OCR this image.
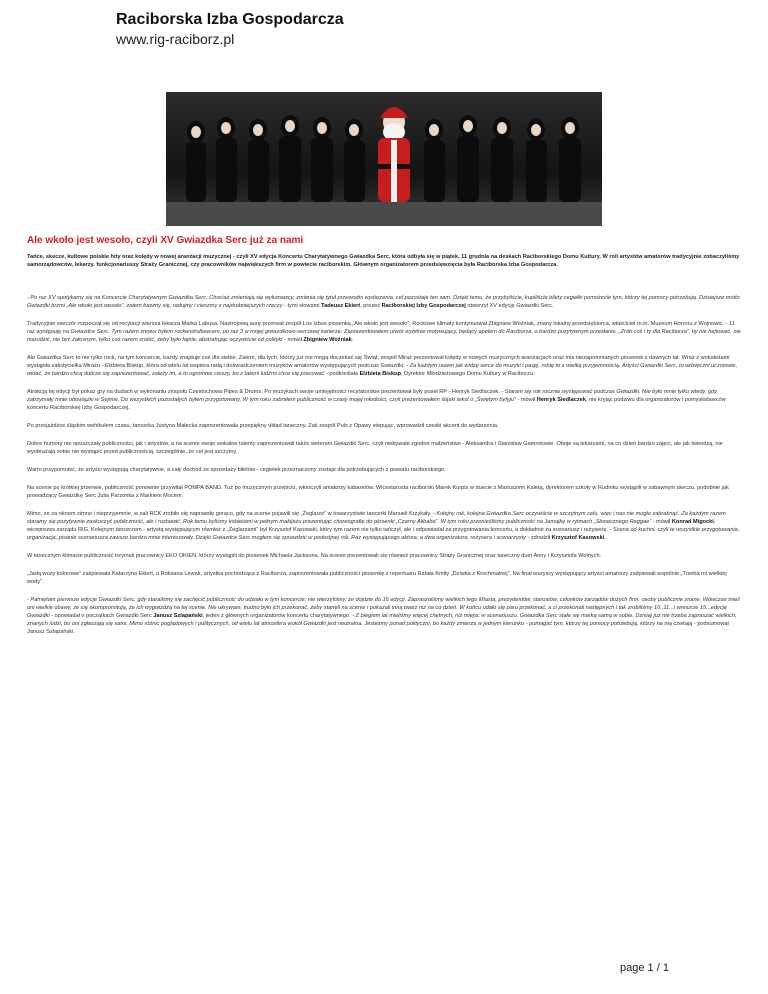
Raciborska Izba Gospodarcza
www.rig-raciborz.pl
Ale wkoło jest wesoło, czyli XV Gwiazdka Serc już za nami
Tańce, skecze, kultowe polskie hity oraz kolędy w nowej aranżacji muzycznej - czyli XV edycja Koncertu Charytatywnego Gwiazdka Serc, która odbyła się w piątek, 11 grudnia na deskach Raciborskiego Domu Kultury. W roli artystów amatorów tradycyjnie zobaczyliśmy samorządowców, lekarzy, funkcjonariuszy Straży Granicznej, czy pracowników największych firm w powiecie raciborskim. Głównym organizatorem przedsięwzięcia była Raciborska Izba Gospodarcza.

- Po raz XV spotykamy się na Koncercie Charytatywnym Gwiazdka Serc. Chociaż zmieniają się wykonawcy, zmienia się tytuł przewodni wydarzenia, cel pozostaje ten sam. Dzięki temu, że przybyliście, kupiliście bilety cegiełki pomożecie tym, którzy tej pomocy potrzebują. Dzisiejsze motto Gwiazdki brzmi „Ale wkoło jest wesoło”, zatem bawmy się, radujmy i cieszmy z najdrobniejszych rzeczy - tymi słowami Tadeusz Ekiert, prezes Raciborskiej Izby Gospodarczej otworzył XV edycję Gwiazdki Serc.

Tradycyjnie wieczór rozpoczął się od recytacji wiersza lekarza Marka Labusa. Nastrojową aurę przerwał zespół Los Izbos piosenką „Ale wkoło jest wesoło”. Rockowe klimaty kontynuował Zbigniew Woźniak, znany lokalny przedsiębiorca, właściciel m.in. Muzeum Horroru z Wojnowic. - 11 raz występuję na Gwiazdce Serc. Tym razem znowu byłem rockendrollowcem, po raz 3 w mojej gwiazdkowo-sercowej karierze. Zaprezentowałem utwór wybitnie motywujący, będący apelem do Raciborza, o bardzo pozytywnym przesłaniu. „Zrób coś i ty dla Raciborza”, by nie hejtować, nie marudzić, nie być żałosnym, tylko coś razem zrobić, żeby było fajnie, abstrahując oczywiście od polityki - mówił Zbigniew Woźniak.

Ale Gwiazdka Serc to nie tylko rock, na tym koncercie, każdy znajduje coś dla siebie. Zatem, dla tych, którzy już nie mogą doczekać się Świąt, zespół Miraż prezentował kolędy w nowych muzycznych aranżacjach oraz mix niezapomnianych piosenek z dawnych lat. Wraz z wokalistami wystąpiła założycielka Mirażu - Elżbieta Biskup, która od wielu lat wspiera radą i doświadczeniem muzyków amatorów występujących podczas Gwiazdki. - Za każdym razem jak widzę serce do muzyki i pasję, robię to z wielką przyjemnością. Artyści Gwiazdki Serc, to wdzięczni uczniowie, widać, że bardzo chcą dobrze się zaprezentować, zależy im, a to ogromnie cieszy, bo z takimi ludźmi chce się pracować - podkreślała Elżbieta Biskup, Dyrektor Młodzieżowego Domu Kultury w Raciborzu.

Atrakcją tej edycji był pokaz gry na dudach w wykonaniu zespołu Częstochowa Pipes & Drums. Po muzykach swoje umiejętności recytatorskie prezentował były poseł RP - Henryk Siedlaczek. - Staram się rok rocznie występować podczas Gwiazdki. Nie było mnie tylko wtedy, gdy zatrzymały mnie obowiązki w Sejmie. Do wszystkich pozostałych byłem przygotowany. W tym roku zabrałem publiczność w czasy mojej młodości, czyli prezentowałem śląski tekst o „Świętym byfyju” - mówił Henryk Siedlaczek, nie kryjąc podziwu dla organizatorów i pomysłodawców koncertu Raciborskiej Izby Gospodarczej.

Po przejażdżce śląskim wehikułem czasu, tancerka Justyna Małecka zaprezentowała przepiękny układ taneczny. Zaś zespół Puls z Opawy stepując, wprowadził czeski akcent do wydarzenia.

Dobre humory nie opuszczały publiczności, jak i artystów, a na scenie swoje wokalne talenty zaprezentowali także weterani Gwiazdki Serc, czyli niebywałe zgodne małżeństwo - Aleksandra i Stanisław Gamrotowie. Oboje są lekarzami, na co dzień bardzo zajęci, ale jak twierdzą, nie wyobrażają sobie nie wystąpić przed publicznością, szczególnie, że cel jest szczytny.

Warto przypomnieć, że artyści występują charytatywnie, a cały dochód ze sprzedaży biletów - cegiełek przeznaczony zostaje dla potrzebujących z powiatu raciborskiego.

Na scenie po krótkiej przerwie, publiczność ponownie przywitał POMPA BAND. Tuż po muzycznym przejściu, wkroczyli amatorzy kabaretów. Wicestarosta raciborski Marek Kurpis w duecie z Mariuszem Kaletą, dyrektorem szkoły w Rudniku wystąpili w zabawnym skeczu, podobnie jak prowadzący Gwiazdkę Serc Julia Parzonka z Markiem Mocem.

Mimo, że za oknem zimno i nieprzyjemnie, w sali RCK zrobiło się naprawdę gorąco, gdy na scenie pojawili się „Żeglarze” w towarzystwie tancerki Manueli Krzykały. - Kolejny rok, kolejna Gwiazdka Serc oczywiście w szczytnym celu, więc i nas nie mogło zabraknąć. Za każdym razem staramy się pozytywnie zaskoczyć publiczność, ale i rozbawić. Rok temu byliśmy kobietami w pełnym makijażu prezentując choreografię do piosenki „Czarny Alibaba”. W tym roku przenieśliśmy publiczność na Jamajkę w rytmach „Słonecznego Reggae” - mówił Konrad Migocki, wiceprezes zarządu RIG. Kolejnym tancerzem - artystą występującym również z „Żeglarzami” był Krzysztof Kasowski, który tym razem nie tylko tańczył, ale i odpowiadał za przygotowania koncertu, a dokładnie za scenariusz i reżyserię. - Scena od kuchni, czyli te wszystkie przygotowania, organizacja, pisanie scenariusza zawsze bardzo mnie interesowały. Dzięki Gwiazdce Serc mogłem się sprawdzić w podwójnej roli. Raz występującego aktora, a dwa organizatora, reżysera i scenarzysty - zdradził Krzysztof Kasowski.

W tanecznym klimacie publiczność trzymali pracownicy EKO OKIEN, którzy wystąpili do piosenek Michaela Jacksona. Na scenie prezentowali się również pracownicy Straży Granicznej oraz taneczny duet Anny i Krzysztofa Wolnych.

„Jadą wozy kolorowe” zaśpiewała Katarzyna Ekiert, a Roksana Lewak, artystka pochodząca z Raciborza, zaprezentowała publiczności piosenkę z repertuaru Rafała Kmity „Dziwka z Krochmalnej”. Na finał wszyscy występujący artyści amatorzy zaśpiewali wspólnie „Trzeba mi wielkiej wody”.

- Pamiętam pierwsze edycje Gwiazdki Serc, gdy staraliśmy się zachęcić publiczność do udziału w tym koncercie; nie wierzyliśmy, że dojdzie do 15 edycji. Zapraszaliśmy wielkich tego Miasta, prezydentów, starostów, członków zarządów dużych firm, osoby publicznie znane. Wówczas mieli oni wielkie obawy, że się skompromitują, że ich wygwizdżą na tej scenie. Nie ukrywam, trudno było ich przekonać, żeby stanęli na scenie i pokazali inną twarz niż na co dzień. W końcu udało się paru przekonać, a ci przekonali następnych i tak zrobiliśmy 10.,11...i wreszcie 15...edycję Gwiazdki - opowiadał o początkach Gwiazdki Serc Janusz Szlapański, jeden z głównych organizatorów koncertu charytatywnego. - Z biegiem lat mieliśmy więcej chętnych, niż miejsc w scenariuszu. Gwiazdka Serc stała się marką samą w sobie. Dzisiaj już nie trzeba zapraszać wielkich, znanych ludzi, bo oni zgłaszają się sami. Mimo różnic poglądowych i politycznych, od wielu lat atmosfera wokół Gwiazdki jest neutralna. Jesteśmy ponad polityczni, bo każdy zmierza w jednym kierunku - pomagać tym, którzy tej pomocy potrzebują, którzy na nią czekają - podsumował Janusz Szlapański.

page 1 / 1
